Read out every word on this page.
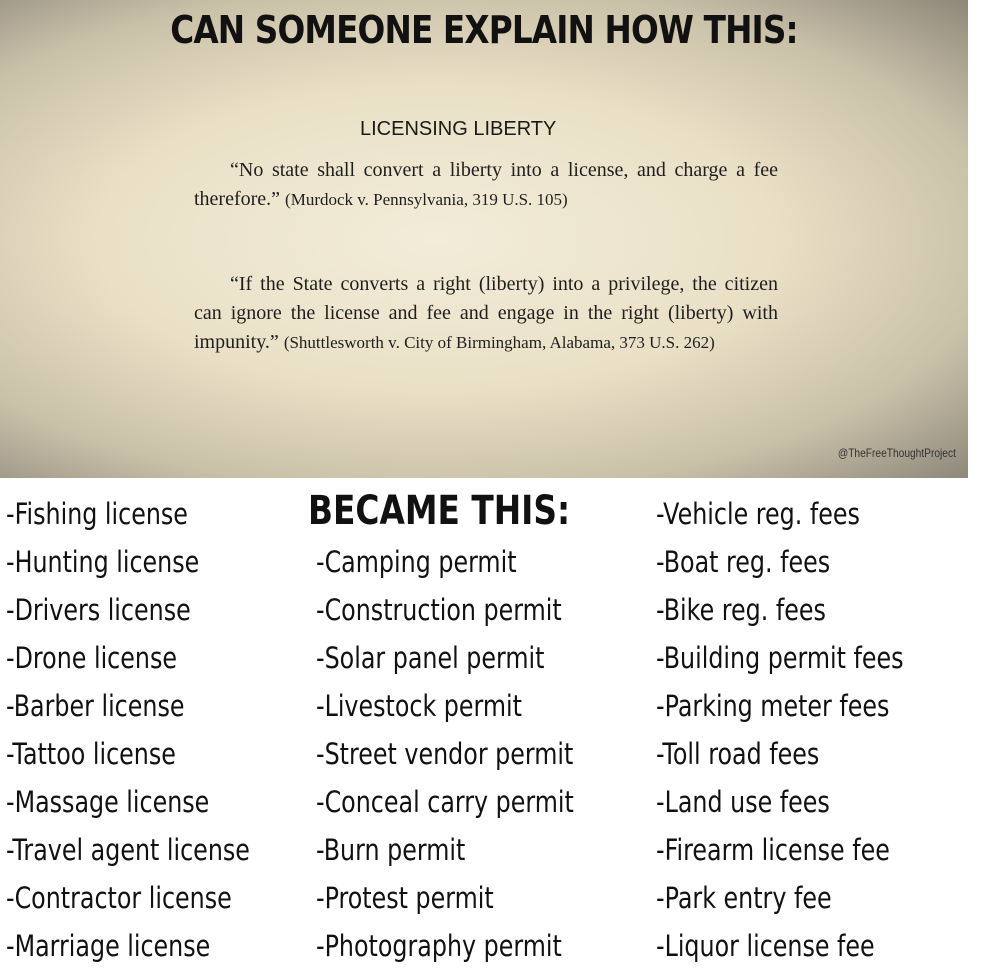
CAN SOMEONE EXPLAIN HOW THIS:
LICENSING LIBERTY
“No state shall convert a liberty into a license, and charge a fee therefore.” (Murdock v. Pennsylvania, 319 U.S. 105)
“If the State converts a right (liberty) into a privilege, the citizen can ignore the license and fee and engage in the right (liberty) with impunity.” (Shuttlesworth v. City of Birmingham, Alabama, 373 U.S. 262)
@TheFreeThoughtProject
BECAME THIS:
-Fishing license
-Hunting license
-Drivers license
-Drone license
-Barber license
-Tattoo license
-Massage license
-Travel agent license
-Contractor license
-Marriage license
-Camping permit
-Construction permit
-Solar panel permit
-Livestock permit
-Street vendor permit
-Conceal carry permit
-Burn permit
-Protest permit
-Photography permit
-Vehicle reg. fees
-Boat reg. fees
-Bike reg. fees
-Building permit fees
-Parking meter fees
-Toll road fees
-Land use fees
-Firearm license fee
-Park entry fee
-Liquor license fee
